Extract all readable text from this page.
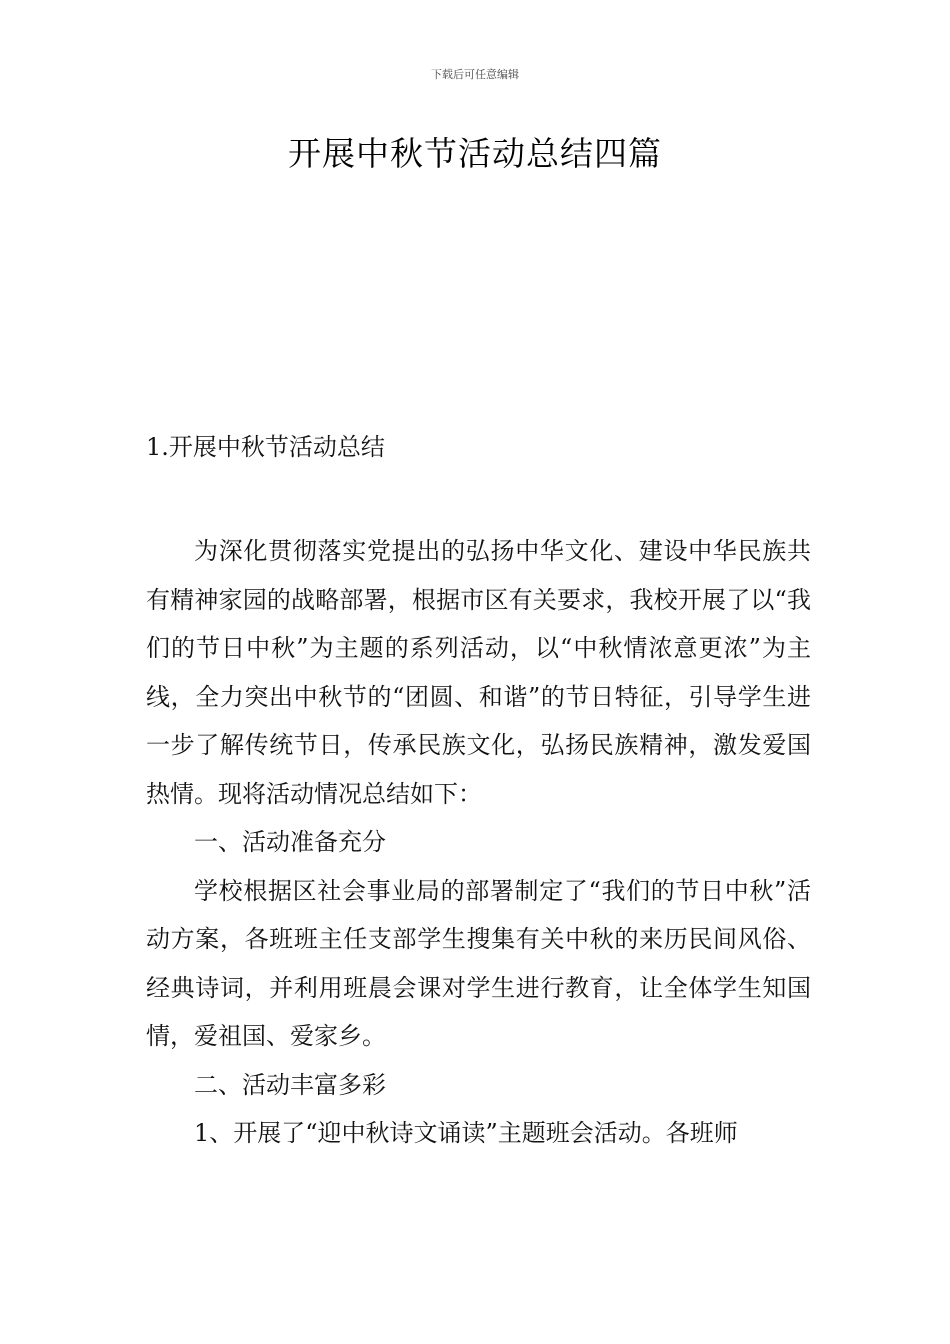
下载后可任意编辑
开展中秋节活动总结四篇
1.开展中秋节活动总结

为深化贯彻落实党提出的弘扬中华文化、建设中华民族共有精神家园的战略部署，根据市区有关要求，我校开展了以“我们的节日中秋”为主题的系列活动，以“中秋情浓意更浓”为主线，全力突出中秋节的“团圆、和谐”的节日特征，引导学生进一步了解传统节日，传承民族文化，弘扬民族精神，激发爱国热情。现将活动情况总结如下：

一、活动准备充分

学校根据区社会事业局的部署制定了“我们的节日中秋”活动方案，各班班主任支部学生搜集有关中秋的来历民间风俗、经典诗词，并利用班晨会课对学生进行教育，让全体学生知国情，爱祖国、爱家乡。

二、活动丰富多彩

1、开展了“迎中秋诗文诵读”主题班会活动。各班师
